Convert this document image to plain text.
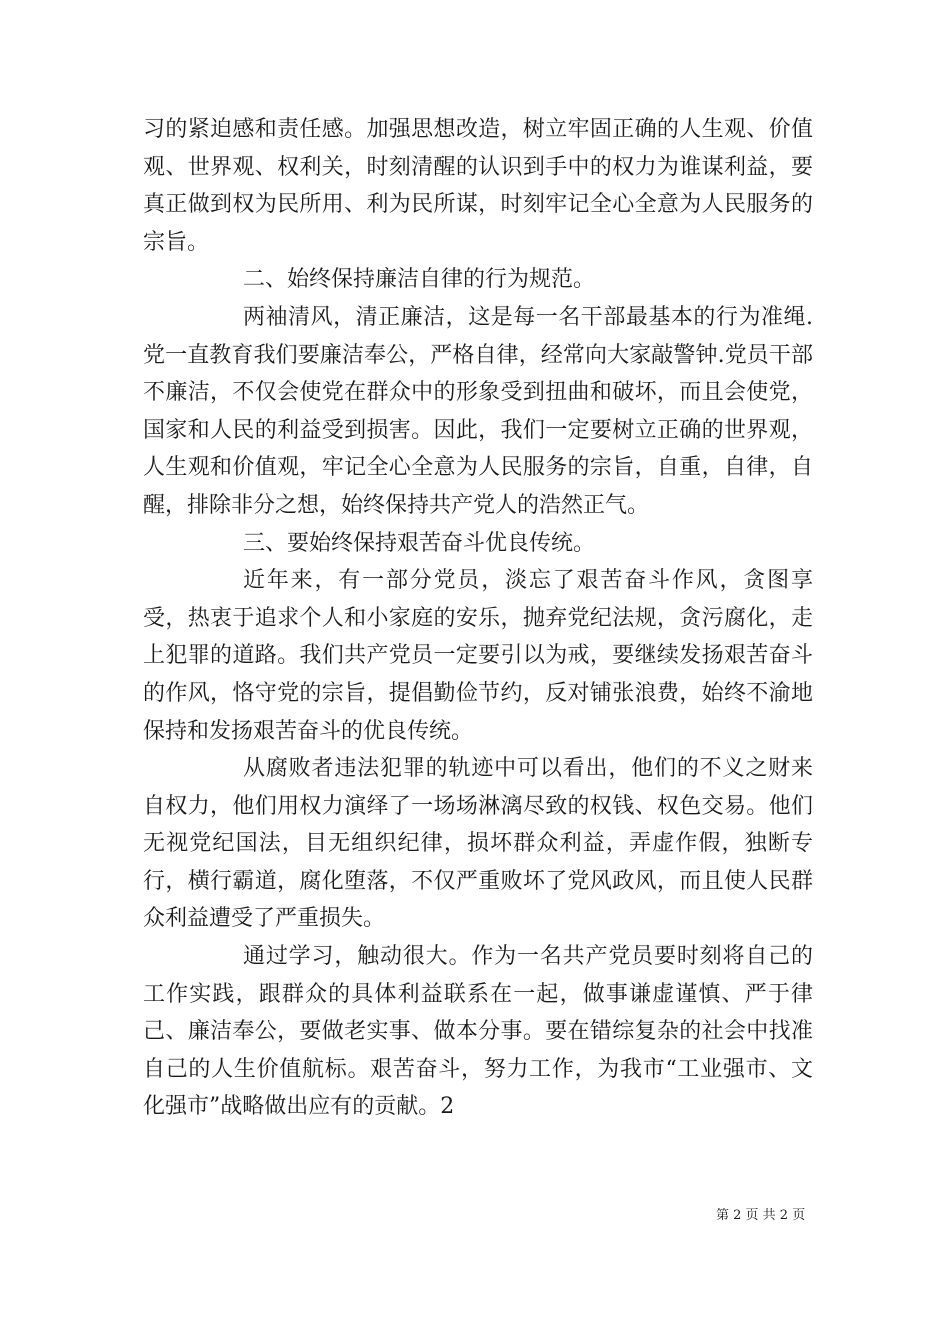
习的紧迫感和责任感。加强思想改造，树立牢固正确的人生观、价值观、世界观、权利关，时刻清醒的认识到手中的权力为谁谋利益，要真正做到权为民所用、利为民所谋，时刻牢记全心全意为人民服务的宗旨。

二、始终保持廉洁自律的行为规范。

两袖清风，清正廉洁，这是每一名干部最基本的行为准绳.党一直教育我们要廉洁奉公，严格自律，经常向大家敲警钟.党员干部不廉洁，不仅会使党在群众中的形象受到扭曲和破坏，而且会使党，国家和人民的利益受到损害。因此，我们一定要树立正确的世界观，人生观和价值观，牢记全心全意为人民服务的宗旨，自重，自律，自醒，排除非分之想，始终保持共产党人的浩然正气。

三、要始终保持艰苦奋斗优良传统。

近年来，有一部分党员，淡忘了艰苦奋斗作风，贪图享受，热衷于追求个人和小家庭的安乐，抛弃党纪法规，贪污腐化，走上犯罪的道路。我们共产党员一定要引以为戒，要继续发扬艰苦奋斗的作风，恪守党的宗旨，提倡勤俭节约，反对铺张浪费，始终不渝地保持和发扬艰苦奋斗的优良传统。

从腐败者违法犯罪的轨迹中可以看出，他们的不义之财来自权力，他们用权力演绎了一场场淋漓尽致的权钱、权色交易。他们无视党纪国法，目无组织纪律，损坏群众利益，弄虚作假，独断专行，横行霸道，腐化堕落，不仅严重败坏了党风政风，而且使人民群众利益遭受了严重损失。

通过学习，触动很大。作为一名共产党员要时刻将自己的工作实践，跟群众的具体利益联系在一起，做事谦虚谨慎、严于律己、廉洁奉公，要做老实事、做本分事。要在错综复杂的社会中找准自己的人生价值航标。艰苦奋斗，努力工作，为我市“工业强市、文化强市”战略做出应有的贡献。2

第 2 页 共 2 页
